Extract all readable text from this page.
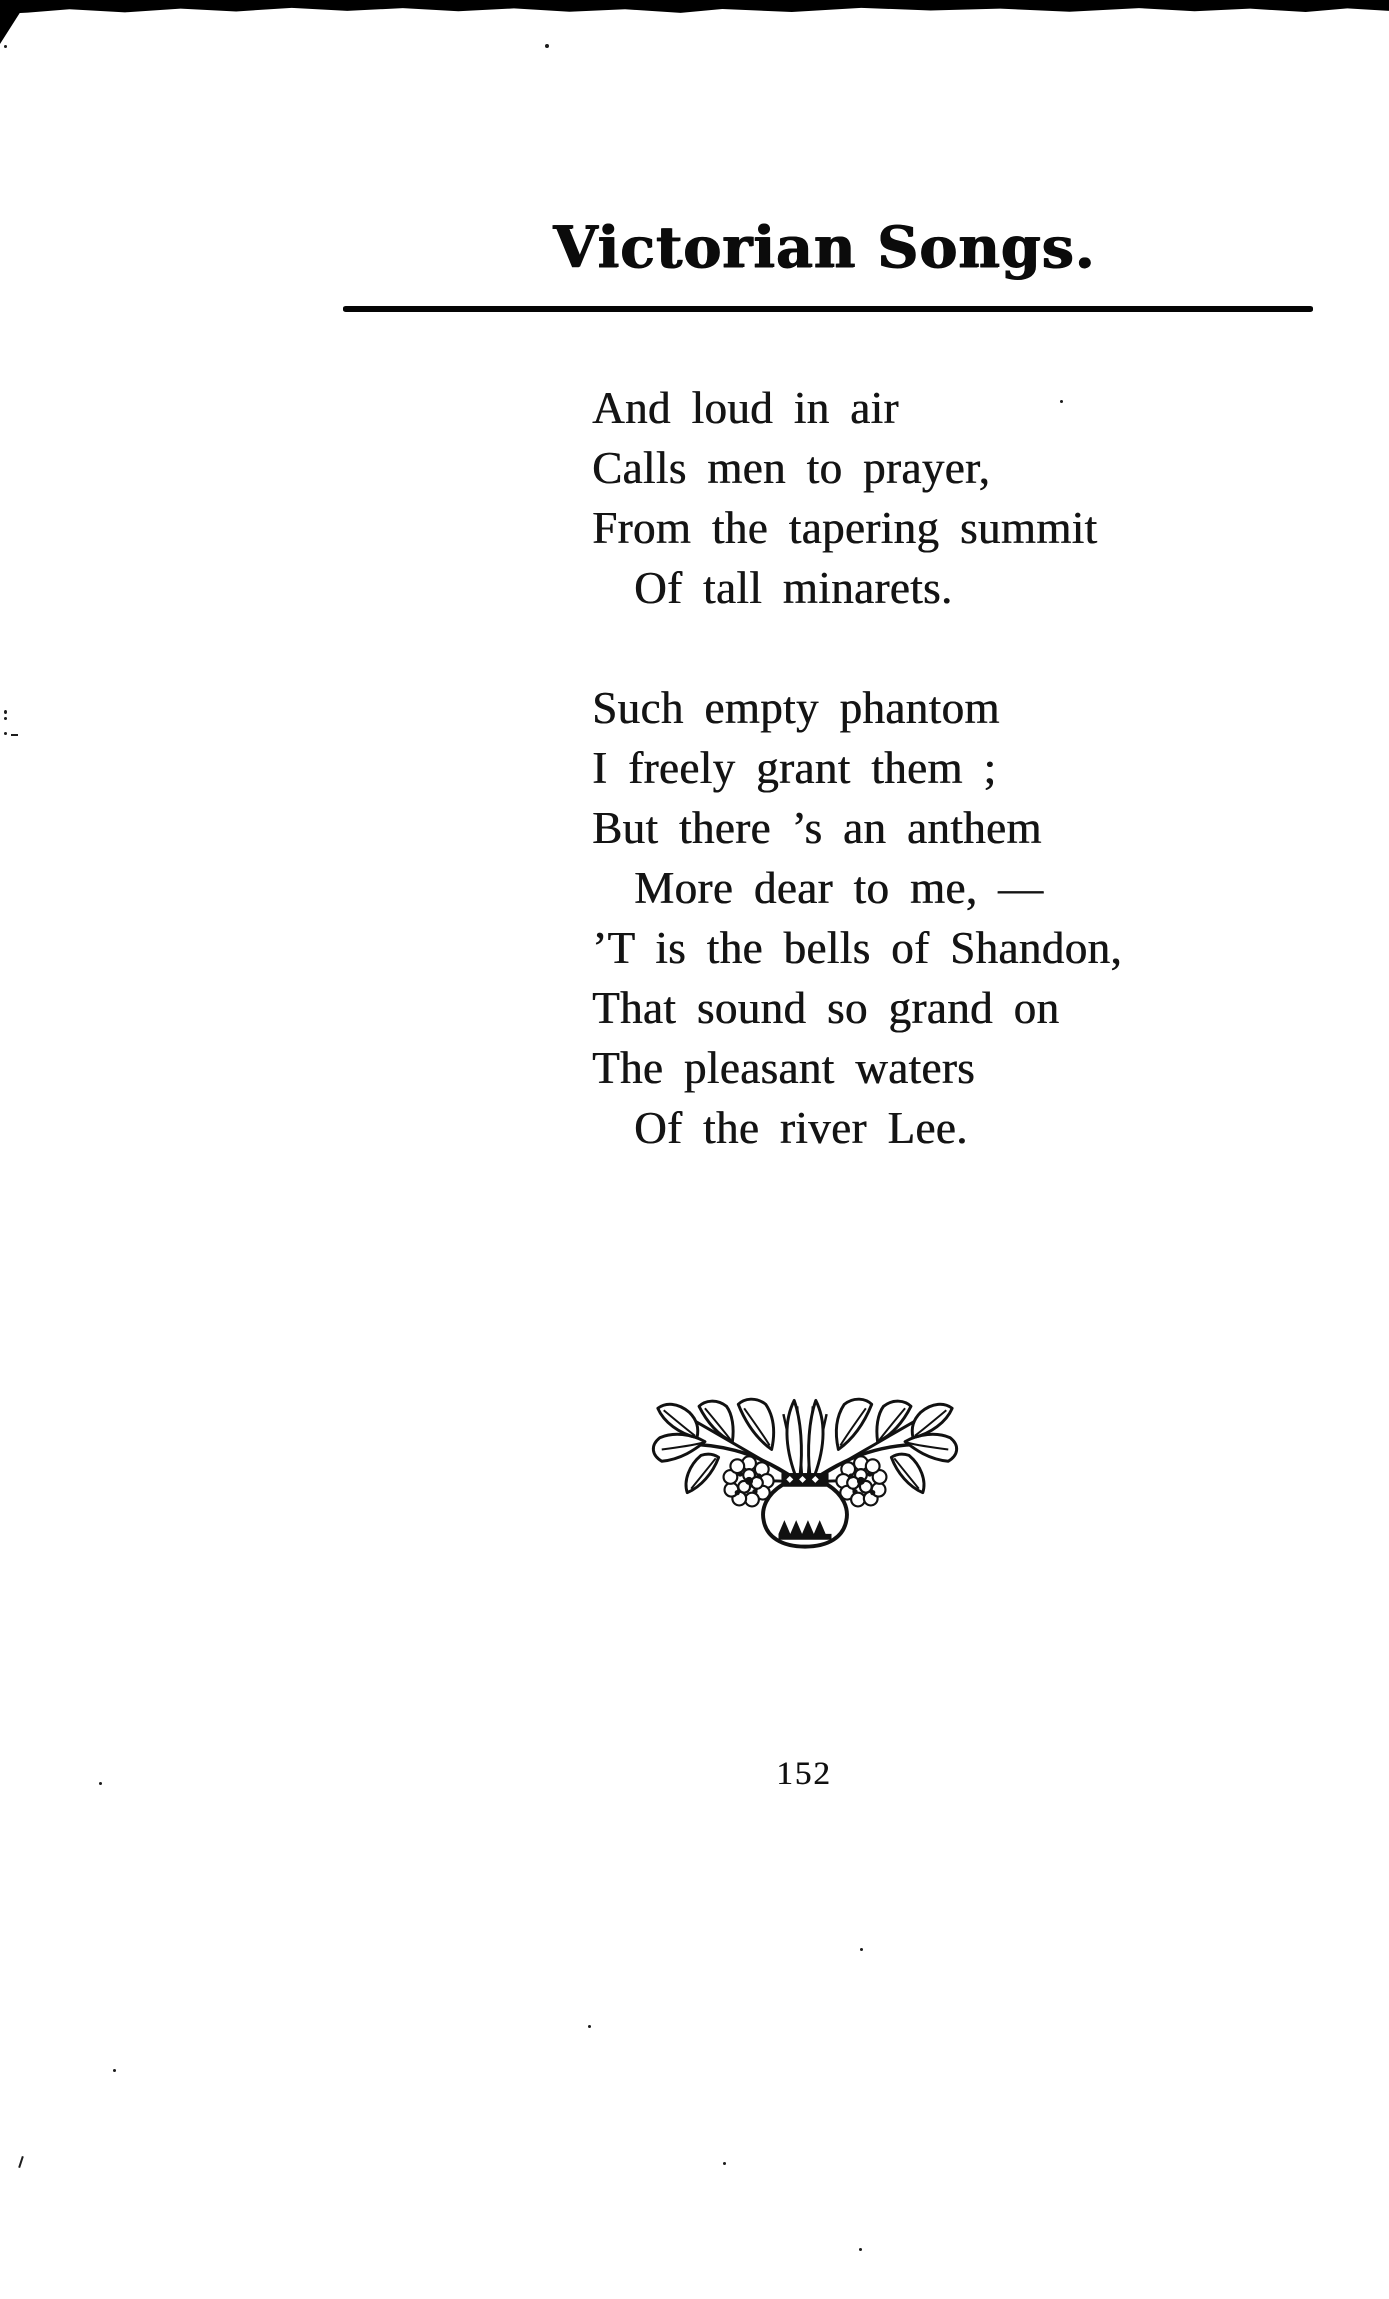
Victorian Songs.
And loud in air
Calls men to prayer,
From the tapering summit
Of tall minarets.
Such empty phantom
I freely grant them ;
But there ’s an anthem
More dear to me, —
’T is the bells of Shandon,
That sound so grand on
The pleasant waters
Of the river Lee.
152
